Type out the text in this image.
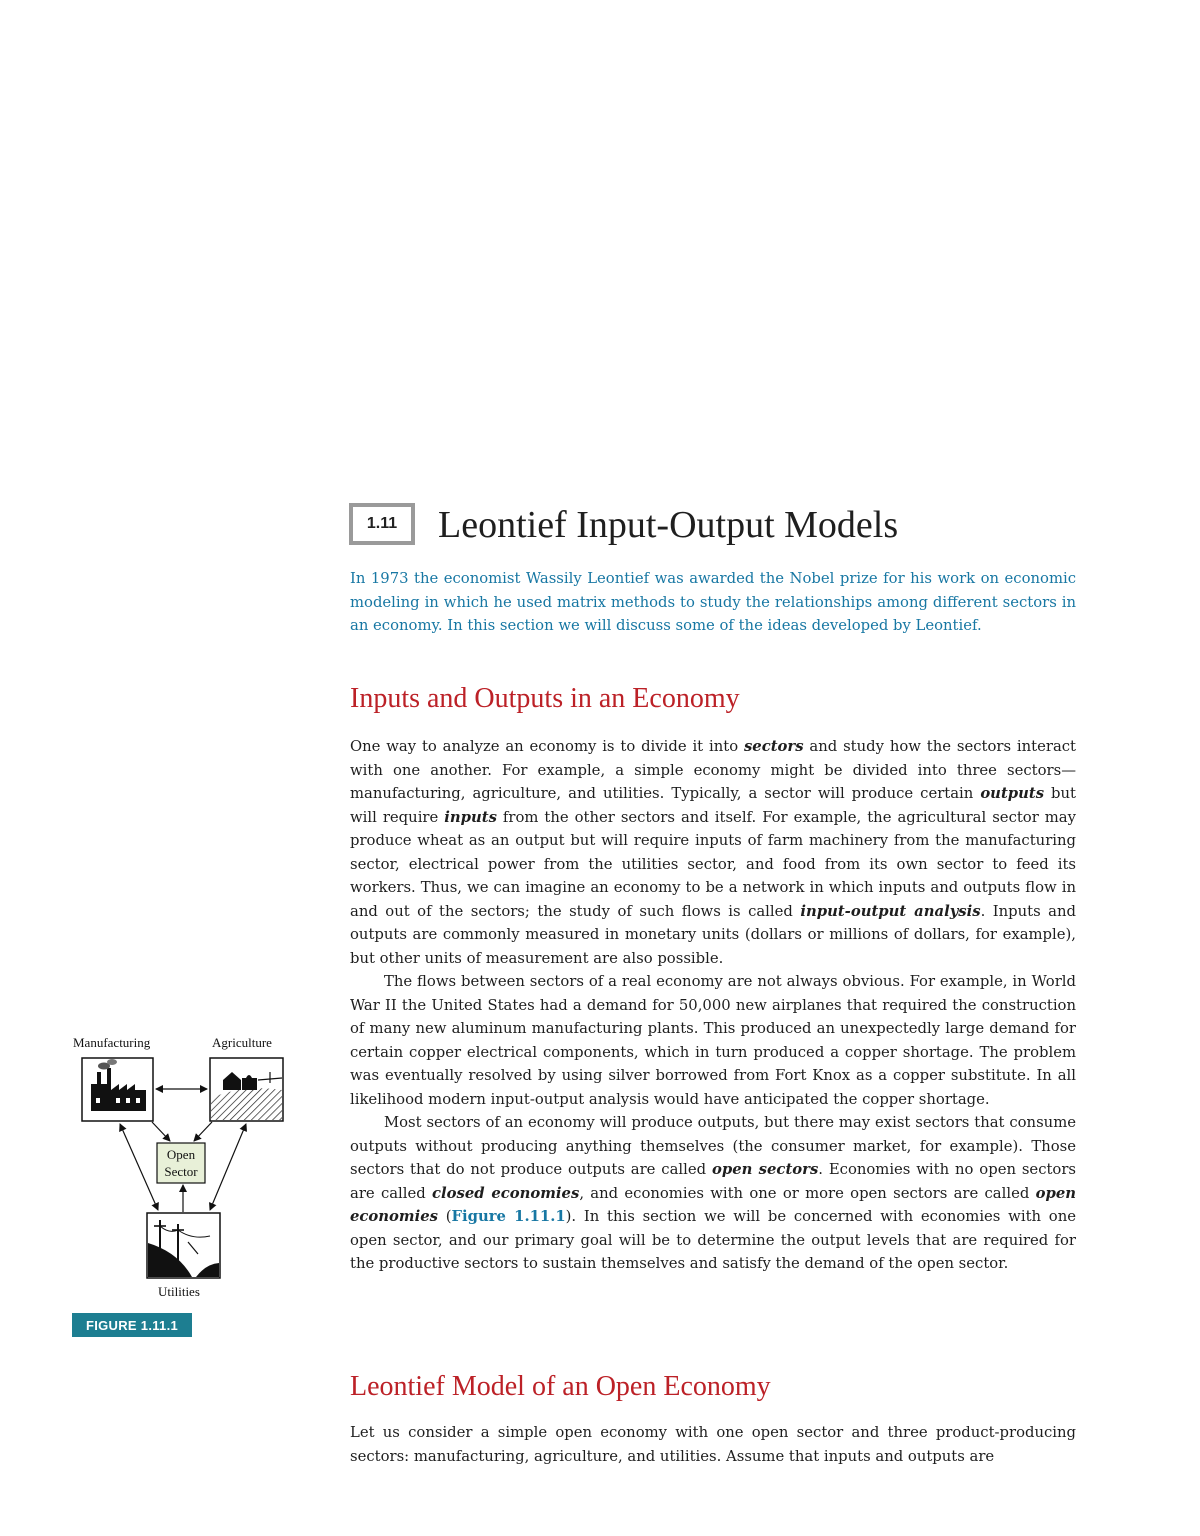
1.11	Leontief Input-Output Models
In 1973 the economist Wassily Leontief was awarded the Nobel prize for his work on economic modeling in which he used matrix methods to study the relationships among different sectors in an economy. In this section we will discuss some of the ideas developed by Leontief.
Inputs and Outputs in an Economy

One way to analyze an economy is to divide it into sectors and study how the sectors interact with one another. For example, a simple economy might be divided into three sectors—manufacturing, agriculture, and utilities. Typically, a sector will produce certain outputs but will require inputs from the other sectors and itself. For example, the agricultural sector may produce wheat as an output but will require inputs of farm machinery from the manufacturing sector, electrical power from the utilities sector, and food from its own sector to feed its workers. Thus, we can imagine an economy to be a network in which inputs and outputs flow in and out of the sectors; the study of such flows is called input-output analysis. Inputs and outputs are commonly measured in monetary units (dollars or millions of dollars, for example), but other units of measurement are also possible.

The flows between sectors of a real economy are not always obvious. For example, in World War II the United States had a demand for 50,000 new airplanes that required the construction of many new aluminum manufacturing plants. This produced an unexpectedly large demand for certain copper electrical components, which in turn produced a copper shortage. The problem was eventually resolved by using silver borrowed from Fort Knox as a copper substitute. In all likelihood modern input-output analysis would have anticipated the copper shortage.

Most sectors of an economy will produce outputs, but there may exist sectors that consume outputs without producing anything themselves (the consumer market, for example). Those sectors that do not produce outputs are called open sectors. Economies with no open sectors are called closed economies, and economies with one or more open sectors are called open economies (Figure 1.11.1). In this section we will be concerned with economies with one open sector, and our primary goal will be to determine the output levels that are required for the productive sectors to sustain themselves and satisfy the demand of the open sector.

Leontief Model of an Open Economy

Let us consider a simple open economy with one open sector and three product-producing sectors: manufacturing, agriculture, and utilities. Assume that inputs and outputs are

Manufacturing	Agriculture
Utilities
Open
Sector
FIGURE 1.11.1
